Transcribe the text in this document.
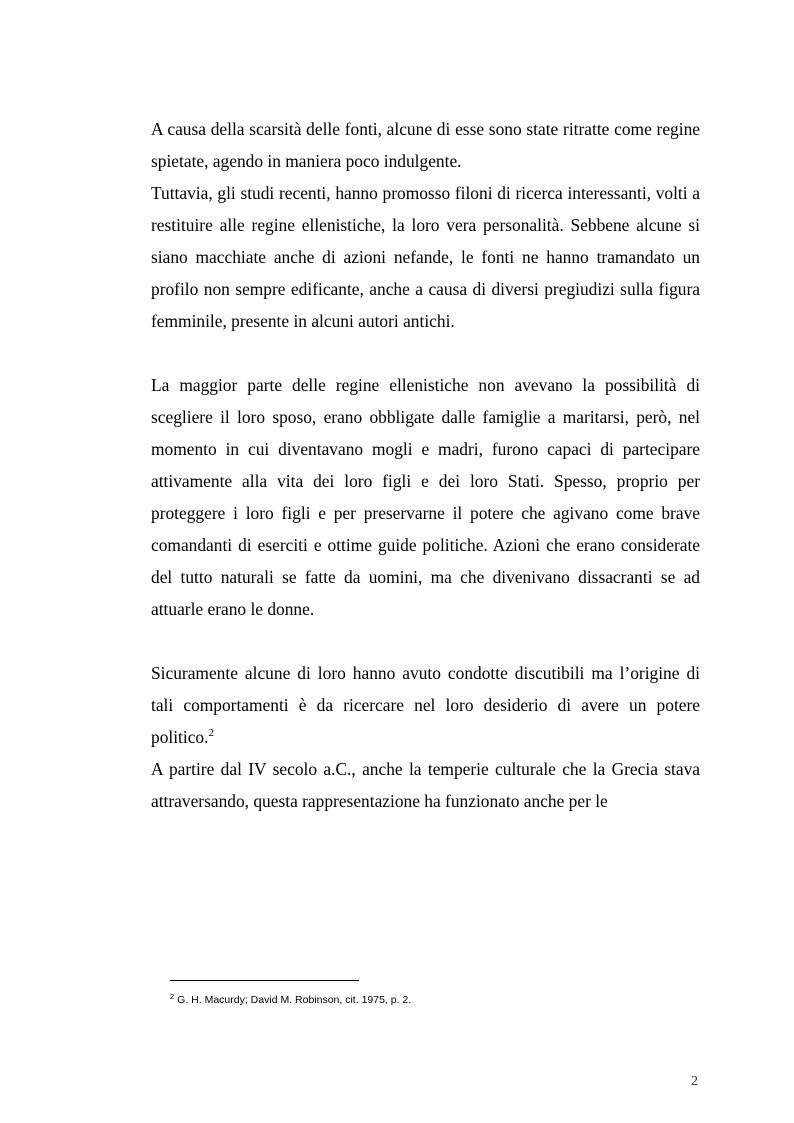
A causa della scarsità delle fonti, alcune di esse sono state ritratte come regine spietate, agendo in maniera poco indulgente.

Tuttavia, gli studi recenti, hanno promosso filoni di ricerca interessanti, volti a restituire alle regine ellenistiche, la loro vera personalità. Sebbene alcune si siano macchiate anche di azioni nefande, le fonti ne hanno tramandato un profilo non sempre edificante, anche a causa di diversi pregiudizi sulla figura femminile, presente in alcuni autori antichi.

La maggior parte delle regine ellenistiche non avevano la possibilità di scegliere il loro sposo, erano obbligate dalle famiglie a maritarsi, però, nel momento in cui diventavano mogli e madri, furono capaci di partecipare attivamente alla vita dei loro figli e dei loro Stati. Spesso, proprio per proteggere i loro figli e per preservarne il potere che agivano come brave comandanti di eserciti e ottime guide politiche. Azioni che erano considerate del tutto naturali se fatte da uomini, ma che divenivano dissacranti se ad attuarle erano le donne.

Sicuramente alcune di loro hanno avuto condotte discutibili ma l’origine di tali comportamenti è da ricercare nel loro desiderio di avere un potere politico.$^2$

A partire dal IV secolo a.C., anche la temperie culturale che la Grecia stava attraversando, questa rappresentazione ha funzionato anche per le

$^2$ G. H. Macurdy; David M. Robinson, cit. 1975, p. 2.
2
